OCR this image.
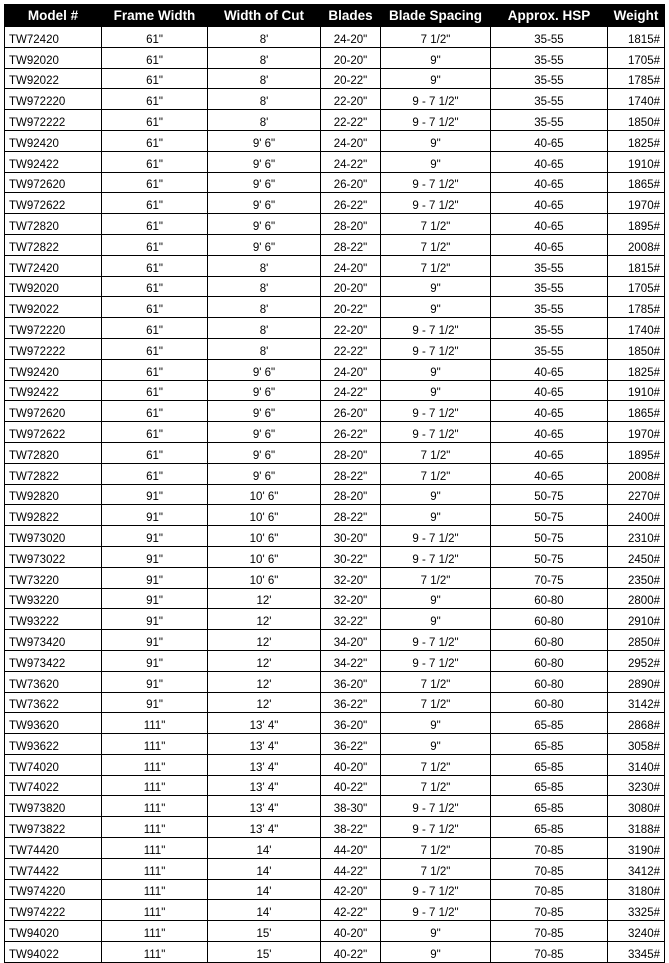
Model #	Frame Width	Width of Cut	Blades	Blade Spacing	Approx. HSP	Weight
TW72420	61"	8'	24-20"	7 1/2"	35-55	1815#
TW92020	61"	8'	20-20"	9"	35-55	1705#
TW92022	61"	8'	20-22"	9"	35-55	1785#
TW972220	61"	8'	22-20"	9 - 7 1/2"	35-55	1740#
TW972222	61"	8'	22-22"	9 - 7 1/2"	35-55	1850#
TW92420	61"	9' 6"	24-20"	9"	40-65	1825#
TW92422	61"	9' 6"	24-22"	9"	40-65	1910#
TW972620	61"	9' 6"	26-20"	9 - 7 1/2"	40-65	1865#
TW972622	61"	9' 6"	26-22"	9 - 7 1/2"	40-65	1970#
TW72820	61"	9' 6"	28-20"	7 1/2"	40-65	1895#
TW72822	61"	9' 6"	28-22"	7 1/2"	40-65	2008#
TW72420	61"	8'	24-20"	7 1/2"	35-55	1815#
TW92020	61"	8'	20-20"	9"	35-55	1705#
TW92022	61"	8'	20-22"	9"	35-55	1785#
TW972220	61"	8'	22-20"	9 - 7 1/2"	35-55	1740#
TW972222	61"	8'	22-22"	9 - 7 1/2"	35-55	1850#
TW92420	61"	9' 6"	24-20"	9"	40-65	1825#
TW92422	61"	9' 6"	24-22"	9"	40-65	1910#
TW972620	61"	9' 6"	26-20"	9 - 7 1/2"	40-65	1865#
TW972622	61"	9' 6"	26-22"	9 - 7 1/2"	40-65	1970#
TW72820	61"	9' 6"	28-20"	7 1/2"	40-65	1895#
TW72822	61"	9' 6"	28-22"	7 1/2"	40-65	2008#
TW92820	91"	10' 6"	28-20"	9"	50-75	2270#
TW92822	91"	10' 6"	28-22"	9"	50-75	2400#
TW973020	91"	10' 6"	30-20"	9 - 7 1/2"	50-75	2310#
TW973022	91"	10' 6"	30-22"	9 - 7 1/2"	50-75	2450#
TW73220	91"	10' 6"	32-20"	7 1/2"	70-75	2350#
TW93220	91"	12'	32-20"	9"	60-80	2800#
TW93222	91"	12'	32-22"	9"	60-80	2910#
TW973420	91"	12'	34-20"	9 - 7 1/2"	60-80	2850#
TW973422	91"	12'	34-22"	9 - 7 1/2"	60-80	2952#
TW73620	91"	12'	36-20"	7 1/2"	60-80	2890#
TW73622	91"	12'	36-22"	7 1/2"	60-80	3142#
TW93620	111"	13' 4"	36-20"	9"	65-85	2868#
TW93622	111"	13' 4"	36-22"	9"	65-85	3058#
TW74020	111"	13' 4"	40-20"	7 1/2"	65-85	3140#
TW74022	111"	13' 4"	40-22"	7 1/2"	65-85	3230#
TW973820	111"	13' 4"	38-30"	9 - 7 1/2"	65-85	3080#
TW973822	111"	13' 4"	38-22"	9 - 7 1/2"	65-85	3188#
TW74420	111"	14'	44-20"	7 1/2"	70-85	3190#
TW74422	111"	14'	44-22"	7 1/2"	70-85	3412#
TW974220	111"	14'	42-20"	9 - 7 1/2"	70-85	3180#
TW974222	111"	14'	42-22"	9 - 7 1/2"	70-85	3325#
TW94020	111"	15'	40-20"	9"	70-85	3240#
TW94022	111"	15'	40-22"	9"	70-85	3345#
